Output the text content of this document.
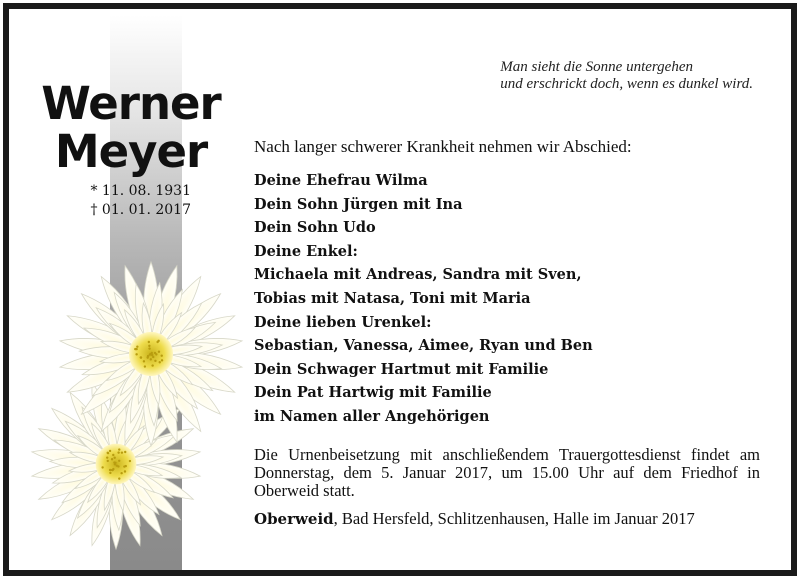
Werner
Meyer
* 11. 08. 1931
† 01. 01. 2017
Man sieht die Sonne untergehen
und erschrickt doch, wenn es dunkel wird.
Nach langer schwerer Krankheit nehmen wir Abschied:
Deine Ehefrau Wilma
Dein Sohn Jürgen mit Ina
Dein Sohn Udo
Deine Enkel:
Michaela mit Andreas, Sandra mit Sven,
Tobias mit Natasa, Toni mit Maria
Deine lieben Urenkel:
Sebastian, Vanessa, Aimee, Ryan und Ben
Dein Schwager Hartmut mit Familie
Dein Pat Hartwig mit Familie
im Namen aller Angehörigen
Die Urnenbeisetzung mit anschließendem Trauergottesdienst findet am Donnerstag, dem 5. Januar 2017, um 15.00 Uhr auf dem Friedhof in Oberweid statt.
Oberweid, Bad Hersfeld, Schlitzenhausen, Halle im Januar 2017
